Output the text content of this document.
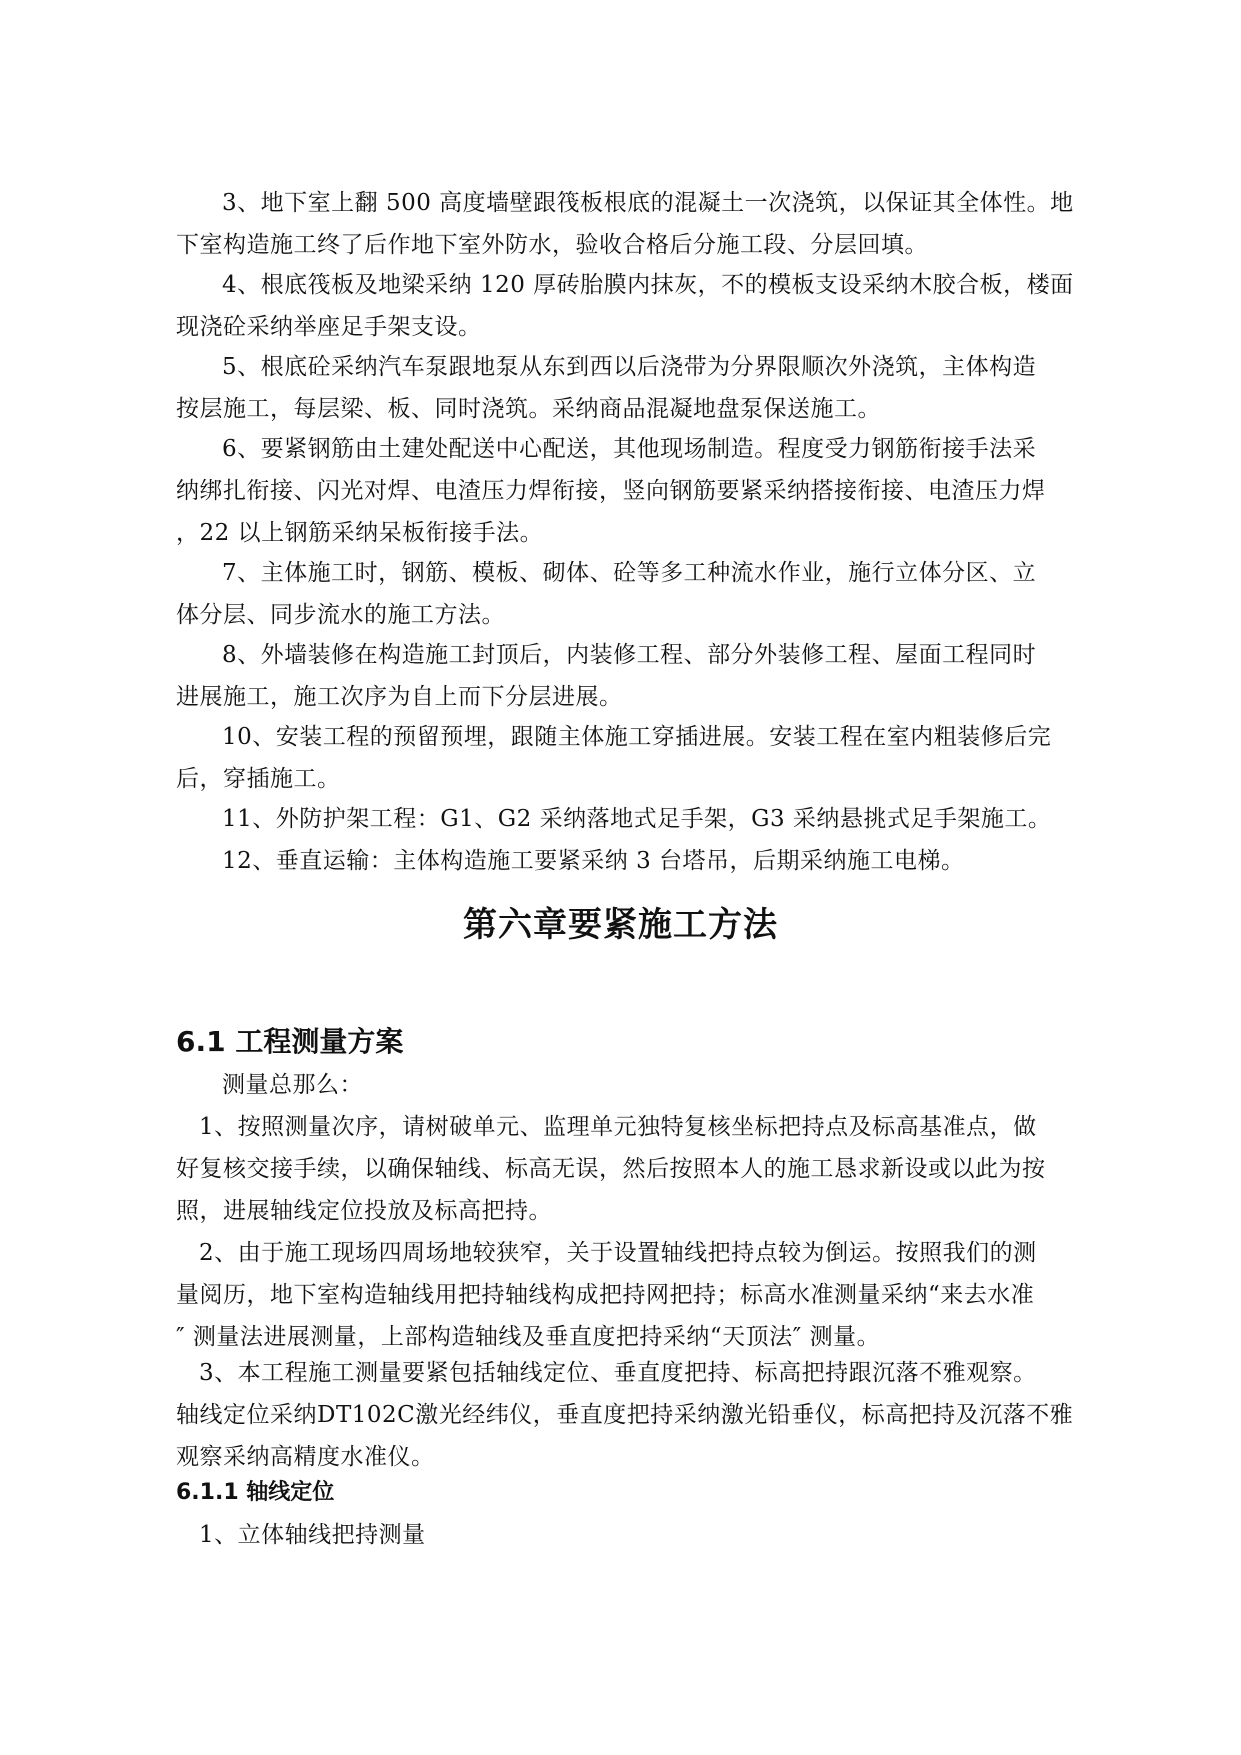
3、地下室上翻 500 高度墙壁跟筏板根底的混凝土一次浇筑，以保证其全体性。地
下室构造施工终了后作地下室外防水，验收合格后分施工段、分层回填。
4、根底筏板及地梁采纳 120 厚砖胎膜内抹灰，不的模板支设采纳木胶合板，楼面
现浇砼采纳举座足手架支设。
5、根底砼采纳汽车泵跟地泵从东到西以后浇带为分界限顺次外浇筑，主体构造
按层施工，每层梁、板、同时浇筑。采纳商品混凝地盘泵保送施工。
6、要紧钢筋由土建处配送中心配送，其他现场制造。程度受力钢筋衔接手法采
纳绑扎衔接、闪光对焊、电渣压力焊衔接，竖向钢筋要紧采纳搭接衔接、电渣压力焊
，22 以上钢筋采纳呆板衔接手法。
7、主体施工时，钢筋、模板、砌体、砼等多工种流水作业，施行立体分区、立
体分层、同步流水的施工方法。
8、外墙装修在构造施工封顶后，内装修工程、部分外装修工程、屋面工程同时
进展施工，施工次序为自上而下分层进展。
10、安装工程的预留预埋，跟随主体施工穿插进展。安装工程在室内粗装修后完
后，穿插施工。
11、外防护架工程：G1、G2 采纳落地式足手架，G3 采纳悬挑式足手架施工。
12、垂直运输：主体构造施工要紧采纳 3 台塔吊，后期采纳施工电梯。
第六章要紧施工方法
6.1 工程测量方案
测量总那么：
1、按照测量次序，请树破单元、监理单元独特复核坐标把持点及标高基准点，做
好复核交接手续，以确保轴线、标高无误，然后按照本人的施工恳求新设或以此为按
照，进展轴线定位投放及标高把持。
2、由于施工现场四周场地较狭窄，关于设置轴线把持点较为倒运。按照我们的测
量阅历，地下室构造轴线用把持轴线构成把持网把持；标高水准测量采纳“来去水准
″ 测量法进展测量，上部构造轴线及垂直度把持采纳“天顶法″ 测量。
3、本工程施工测量要紧包括轴线定位、垂直度把持、标高把持跟沉落不雅观察。
轴线定位采纳DT102C激光经纬仪，垂直度把持采纳激光铅垂仪，标高把持及沉落不雅
观察采纳高精度水准仪。
6.1.1 轴线定位
1、立体轴线把持测量
